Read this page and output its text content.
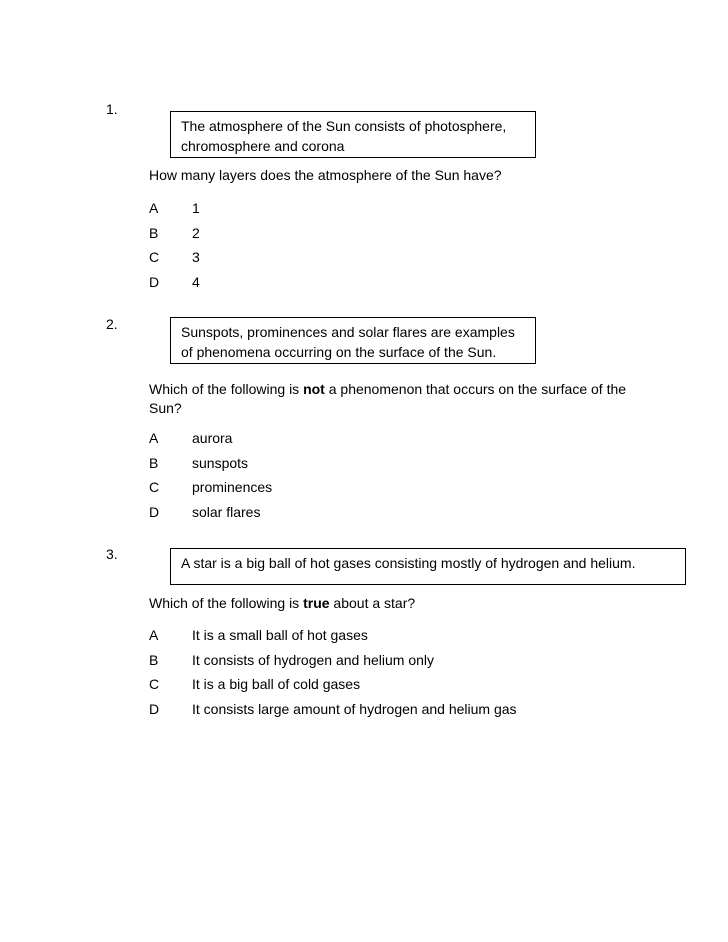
1.
The atmosphere of the Sun consists of photosphere,
chromosphere and corona
How many layers does the atmosphere of the Sun have?
A 1
B 2
C 3
D 4
2.	Sunspots, prominences and solar flares are examples
of phenomena occurring on the surface of the Sun.
Which of the following is not a phenomenon that occurs on the surface of the Sun?
A aurora
B sunspots
C prominences
D solar flares
3.
A star is a big ball of hot gases consisting mostly of hydrogen and helium.
Which of the following is true about a star?
A It is a small ball of hot gases
B It consists of hydrogen and helium only
C It is a big ball of cold gases
D It consists large amount of hydrogen and helium gas
